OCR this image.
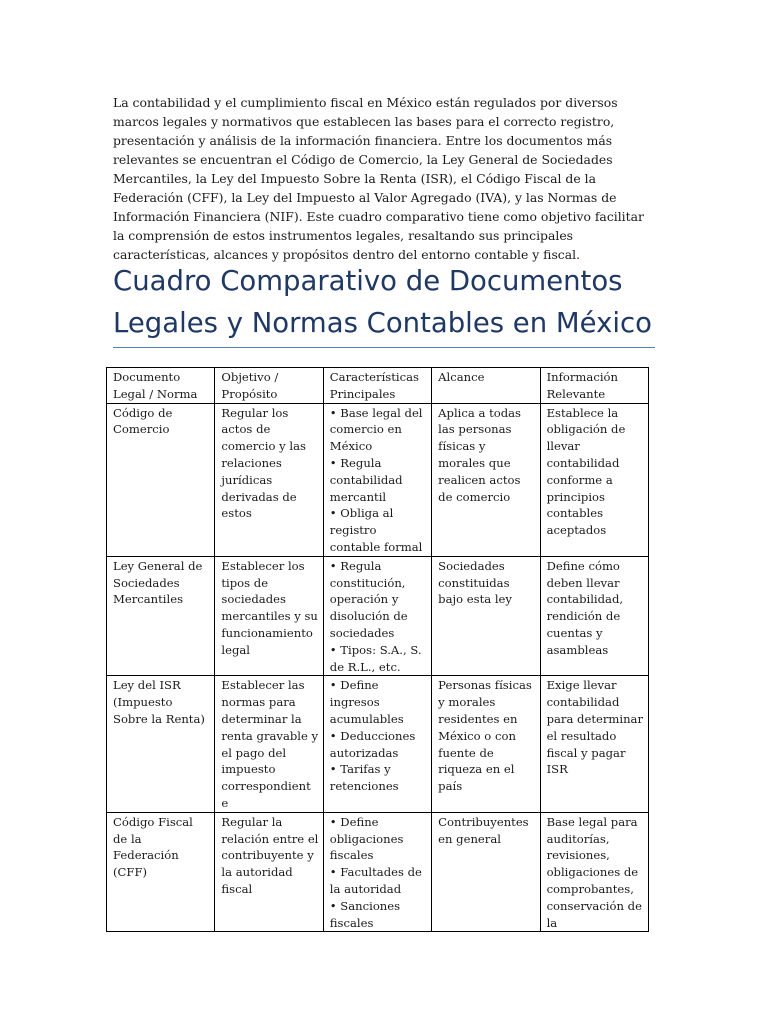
La contabilidad y el cumplimiento fiscal en México están regulados por diversos marcos legales y normativos que establecen las bases para el correcto registro, presentación y análisis de la información financiera. Entre los documentos más relevantes se encuentran el Código de Comercio, la Ley General de Sociedades Mercantiles, la Ley del Impuesto Sobre la Renta (ISR), el Código Fiscal de la Federación (CFF), la Ley del Impuesto al Valor Agregado (IVA), y las Normas de Información Financiera (NIF). Este cuadro comparativo tiene como objetivo facilitar la comprensión de estos instrumentos legales, resaltando sus principales características, alcances y propósitos dentro del entorno contable y fiscal.

Cuadro Comparativo de Documentos Legales y Normas Contables en México
Documento Legal / Norma	Objetivo / Propósito	Características Principales	Alcance	Información Relevante
Código de Comercio	Regular los actos de comercio y las relaciones jurídicas derivadas de estos	• Base legal del comercio en México
• Regula contabilidad mercantil
• Obliga al registro contable formal	Aplica a todas las personas físicas y morales que realicen actos de comercio	Establece la obligación de llevar contabilidad conforme a principios contables aceptados
Ley General de Sociedades Mercantiles	Establecer los tipos de sociedades mercantiles y su funcionamiento legal	• Regula constitución, operación y disolución de sociedades
• Tipos: S.A., S. de R.L., etc.	Sociedades constituidas bajo esta ley	Define cómo deben llevar contabilidad, rendición de cuentas y asambleas
Ley del ISR (Impuesto Sobre la Renta)	Establecer las normas para determinar la renta gravable y el pago del impuesto correspondient e	• Define ingresos acumulables
• Deducciones autorizadas
• Tarifas y retenciones	Personas físicas y morales residentes en México o con fuente de riqueza en el país	Exige llevar contabilidad para determinar el resultado fiscal y pagar ISR
Código Fiscal de la Federación (CFF)	Regular la relación entre el contribuyente y la autoridad fiscal	• Define obligaciones fiscales
• Facultades de la autoridad
• Sanciones fiscales	Contribuyentes en general	Base legal para auditorías, revisiones, obligaciones de comprobantes, conservación de la
